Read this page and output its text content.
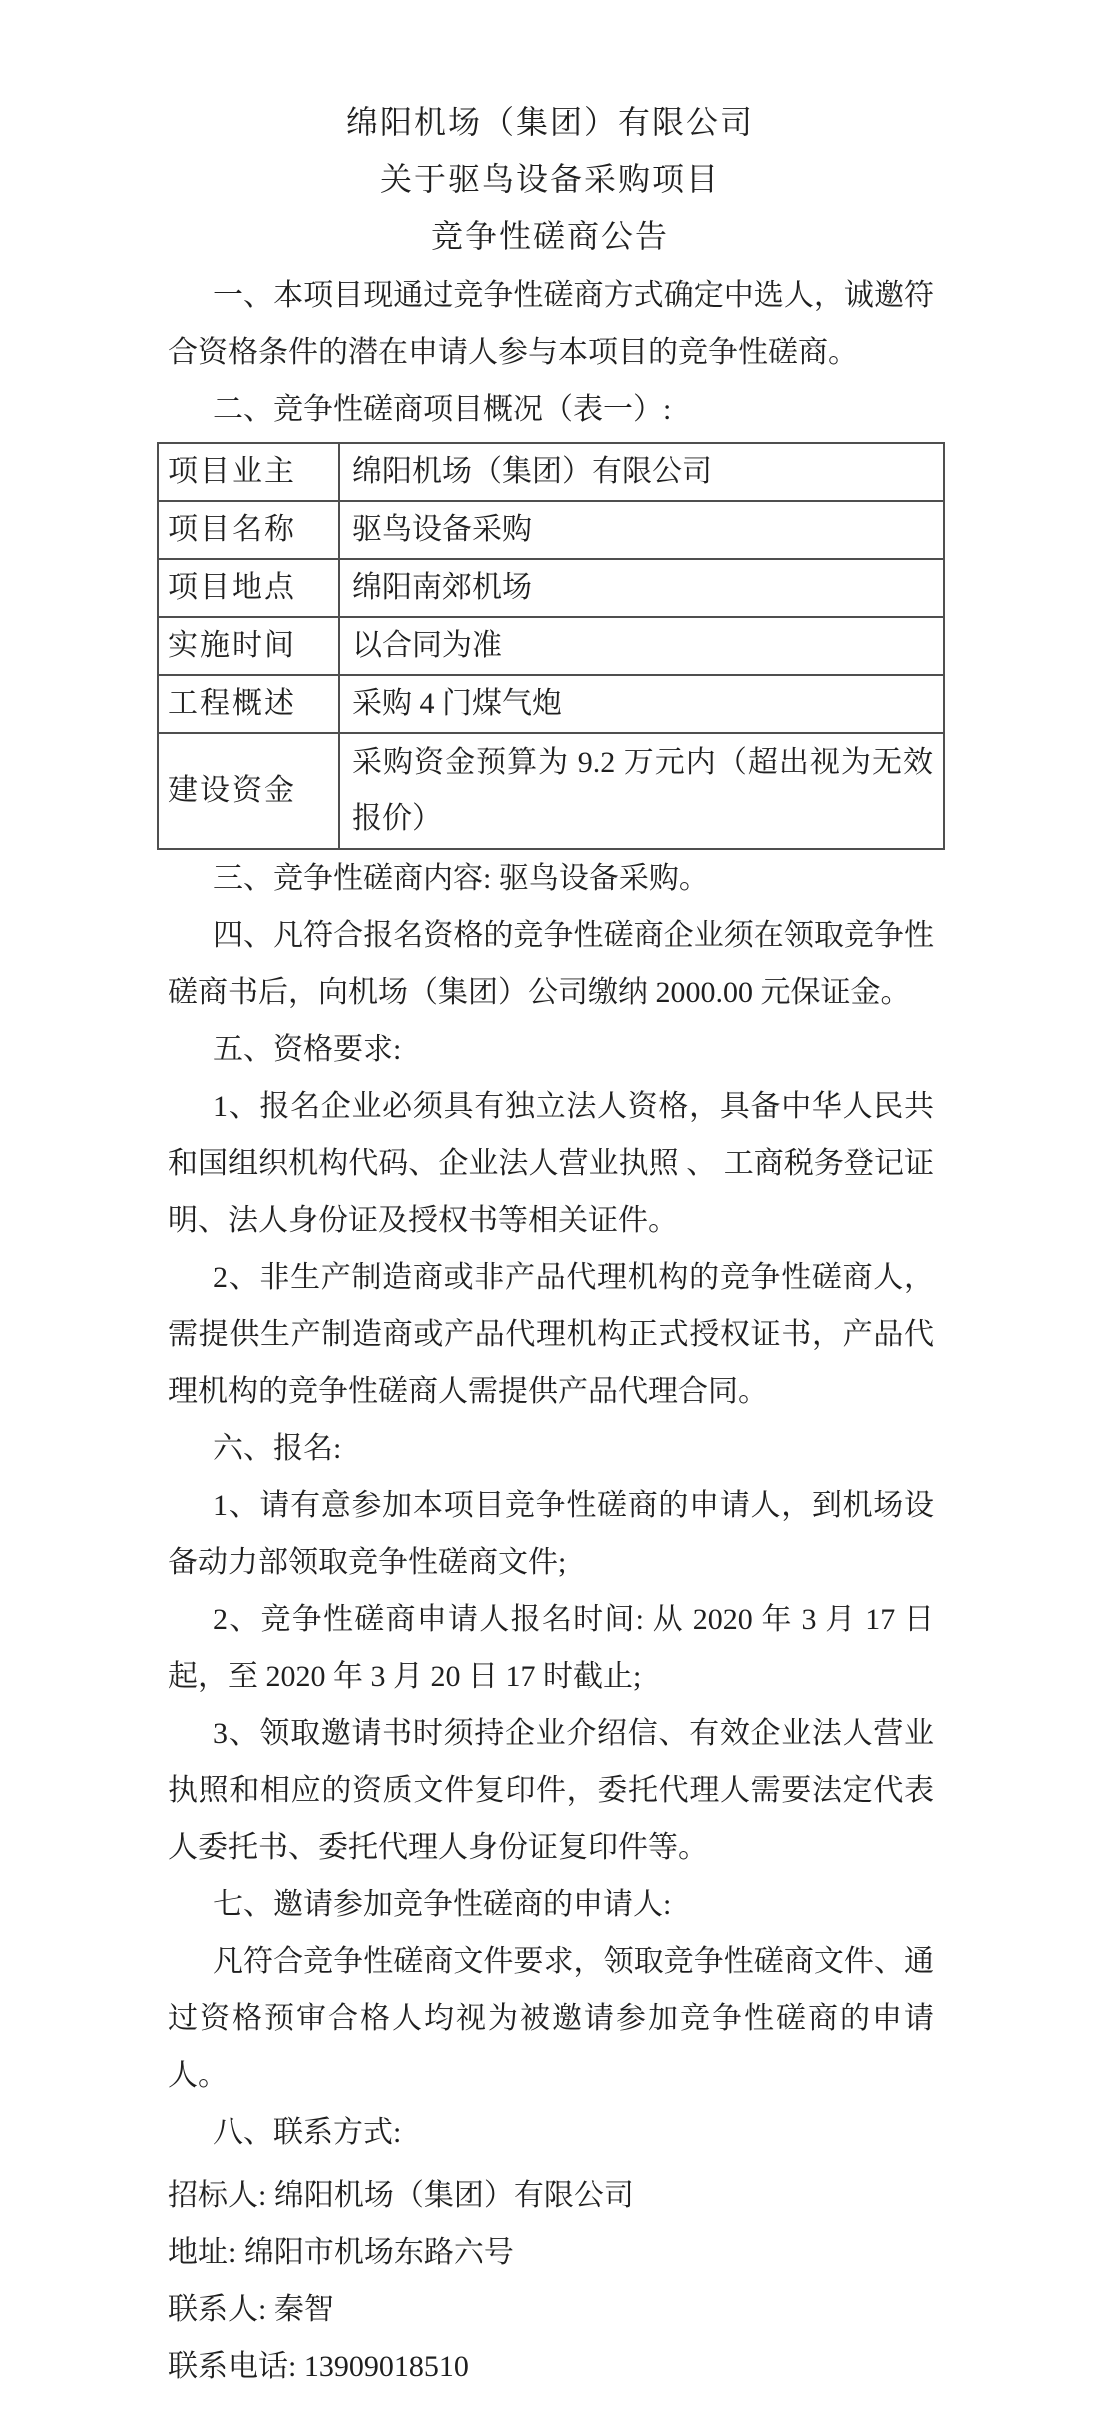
绵阳机场（集团）有限公司
关于驱鸟设备采购项目
竞争性磋商公告

一、本项目现通过竞争性磋商方式确定中选人，诚邀符合资格条件的潜在申请人参与本项目的竞争性磋商。

二、竞争性磋商项目概况（表一）:

项目业主	绵阳机场（集团）有限公司
项目名称	驱鸟设备采购
项目地点	绵阳南郊机场
实施时间	以合同为准
工程概述	采购 4 门煤气炮
建设资金	采购资金预算为 9.2 万元内（超出视为无效报价）

三、竞争性磋商内容: 驱鸟设备采购。

四、凡符合报名资格的竞争性磋商企业须在领取竞争性磋商书后，向机场（集团）公司缴纳 2000.00 元保证金。

五、资格要求:

1、报名企业必须具有独立法人资格，具备中华人民共和国组织机构代码、企业法人营业执照 、 工商税务登记证明、法人身份证及授权书等相关证件。

2、非生产制造商或非产品代理机构的竞争性磋商人，需提供生产制造商或产品代理机构正式授权证书，产品代理机构的竞争性磋商人需提供产品代理合同。

六、报名:

1、请有意参加本项目竞争性磋商的申请人，到机场设备动力部领取竞争性磋商文件;

2、竞争性磋商申请人报名时间: 从 2020 年 3 月 17 日起，至 2020 年 3 月 20 日 17 时截止;

3、领取邀请书时须持企业介绍信、有效企业法人营业执照和相应的资质文件复印件，委托代理人需要法定代表人委托书、委托代理人身份证复印件等。

七、邀请参加竞争性磋商的申请人:

凡符合竞争性磋商文件要求，领取竞争性磋商文件、通过资格预审合格人均视为被邀请参加竞争性磋商的申请人。

八、联系方式:

招标人: 绵阳机场（集团）有限公司

地址: 绵阳市机场东路六号

联系人: 秦智

联系电话: 13909018510
